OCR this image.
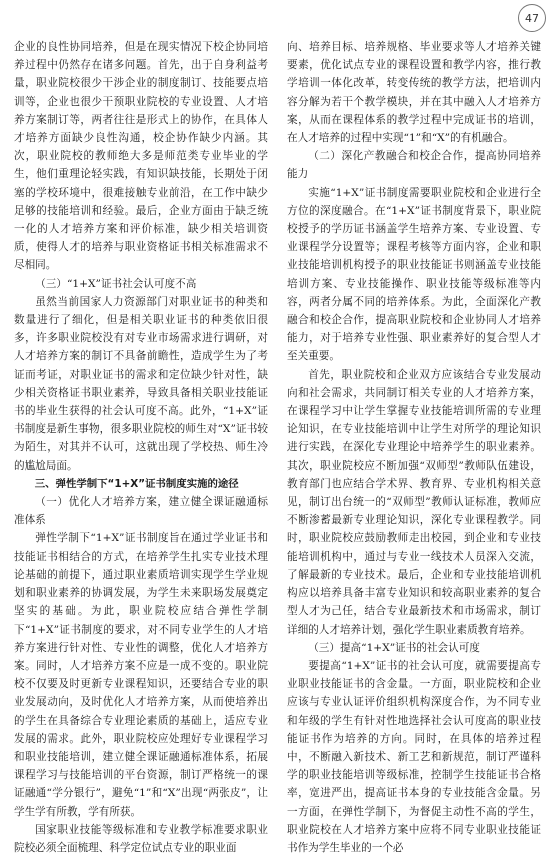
47

企业的良性协同培养，但是在现实情况下校企协同培养过程中仍然存在诸多问题。首先，出于自身利益考量，职业院校很少干涉企业的制度制订、技能要点培训等，企业也很少干预职业院校的专业设置、人才培养方案制订等，两者往往是形式上的协作，在具体人才培养方面缺少良性沟通，校企协作缺少内涵。其次，职业院校的教师绝大多是师范类专业毕业的学生，他们重理论轻实践，有知识缺技能，长期处于闭塞的学校环境中，很难接触专业前沿，在工作中缺少足够的技能培训和经验。最后，企业方面由于缺乏统一化的人才培养方案和评价标准，缺少相关培训资质，使得人才的培养与职业资格证书相关标准需求不尽相同。

（三）“1+X”证书社会认可度不高

虽然当前国家人力资源部门对职业证书的种类和数量进行了细化，但是相关职业证书的种类依旧很多，许多职业院校没有对专业市场需求进行调研，对人才培养方案的制订不具备前瞻性，造成学生为了考证而考证，对职业证书的需求和定位缺少针对性，缺少相关资格证书职业素养，导致具备相关职业技能证书的毕业生获得的社会认可度不高。此外，“1+X”证书制度是新生事物，很多职业院校的师生对“X”证书较为陌生，对其并不认可，这就出现了学校热、师生冷的尴尬局面。

三、弹性学制下“1+X”证书制度实施的途径

（一）优化人才培养方案，建立健全课证融通标准体系

弹性学制下“1+X”证书制度旨在通过学业证书和技能证书相结合的方式，在培养学生扎实专业技术理论基础的前提下，通过职业素质培训实现学生学业规划和职业素养的协调发展，为学生未来职场发展奠定坚实的基础。为此，职业院校应结合弹性学制下“1+X”证书制度的要求，对不同专业学生的人才培养方案进行针对性、专业性的调整，优化人才培养方案。同时，人才培养方案不应是一成不变的。职业院校不仅要及时更新专业课程知识，还要结合专业的职业发展动向，及时优化人才培养方案，从而使培养出的学生在具备综合专业理论素质的基础上，适应专业发展的需求。此外，职业院校应处理好专业课程学习和职业技能培训，建立健全课证融通标准体系，拓展课程学习与技能培训的平台资源，制订严格统一的课证融通“学分银行”，避免“1”和“X”出现“两张皮”，让学生学有所教，学有所获。

国家职业技能等级标准和专业教学标准要求职业院校必须全面梳理、科学定位试点专业的职业面

向、培养目标、培养规格、毕业要求等人才培养关键要素，优化试点专业的课程设置和教学内容，推行教学培训一体化改革，转变传统的教学方法，把培训内容分解为若干个教学模块，并在其中融入人才培养方案，从而在课程体系的教学过程中完成证书的培训，在人才培养的过程中实现“1”和“X”的有机融合。

（二）深化产教融合和校企合作，提高协同培养能力

实施“1+X”证书制度需要职业院校和企业进行全方位的深度融合。在“1+X”证书制度背景下，职业院校授予的学历证书涵盖学生培养方案、专业设置、专业课程学分设置等；课程考核等方面内容，企业和职业技能培训机构授予的职业技能证书则涵盖专业技能培训方案、专业技能操作、职业技能等级标准等内容，两者分属不同的培养体系。为此，全面深化产教融合和校企合作，提高职业院校和企业协同人才培养能力，对于培养专业性强、职业素养好的复合型人才至关重要。

首先，职业院校和企业双方应该结合专业发展动向和社会需求，共同制订相关专业的人才培养方案，在课程学习中让学生掌握专业技能培训所需的专业理论知识，在专业技能培训中让学生对所学的理论知识进行实践，在深化专业理论中培养学生的职业素养。其次，职业院校应不断加强“双师型”教师队伍建设，教育部门也应结合学术界、教育界、专业机构相关意见，制订出台统一的“双师型”教师认证标准，教师应不断渗蓄最新专业理论知识，深化专业课程教学。同时，职业院校应鼓励教师走出校园，到企业和专业技能培训机构中，通过与专业一线技术人员深入交流，了解最新的专业技术。最后，企业和专业技能培训机构应以培养具备丰富专业知识和较高职业素养的复合型人才为己任，结合专业最新技术和市场需求，制订详细的人才培养计划，强化学生职业素质教育培养。

（三）提高“1+X”证书的社会认可度

要提高“1+X”证书的社会认可度，就需要提高专业职业技能证书的含金量。一方面，职业院校和企业应该与专业认证评价组织机构深度合作，为不同专业和年级的学生有针对性地选择社会认可度高的职业技能证书作为培养的方向。同时，在具体的培养过程中，不断融入新技术、新工艺和新规范，制订严谨科学的职业技能培训等级标准，控制学生技能证书合格率，宽进严出，提高证书本身的专业技能含金量。另一方面，在弹性学制下，为督促主动性不高的学生，职业院校在人才培养方案中应将不同专业职业技能证书作为学生毕业的一个必
